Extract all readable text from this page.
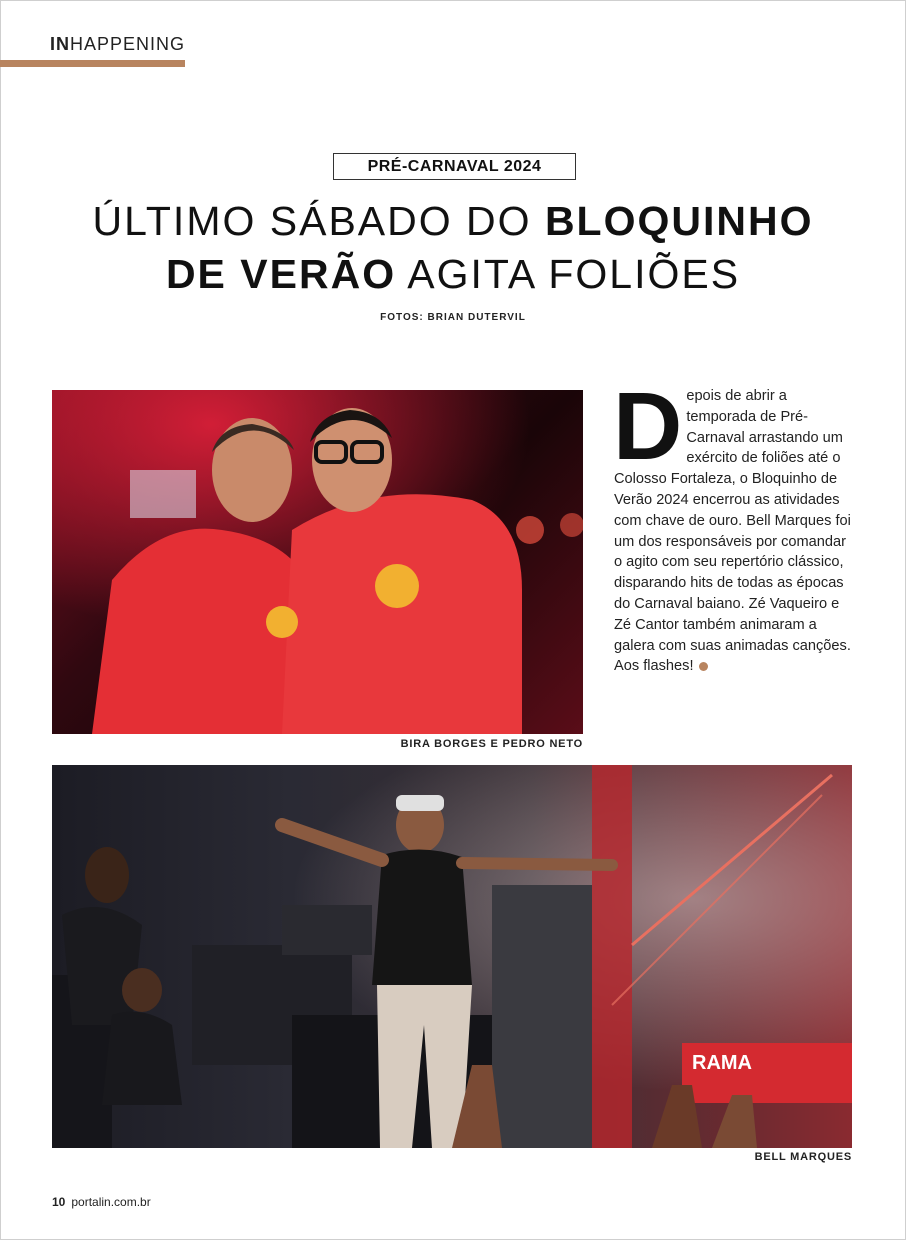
INHAPPENING
PRÉ-CARNAVAL 2024
ÚLTIMO SÁBADO DO BLOQUINHO
DE VERÃO AGITA FOLIÕES
FOTOS: BRIAN DUTERVIL
BIRA BORGES E PEDRO NETO
Depois de abrir a temporada de Pré-Carnaval arrastando um exército de foliões até o Colosso Fortaleza, o Bloquinho de Verão 2024 encerrou as atividades com chave de ouro. Bell Marques foi um dos responsáveis por comandar o agito com seu repertório clássico, disparando hits de todas as épocas do Carnaval baiano. Zé Vaqueiro e Zé Cantor também animaram a galera com suas animadas canções.
Aos flashes!
RAMA
BELL MARQUES
10 portalin.com.br
